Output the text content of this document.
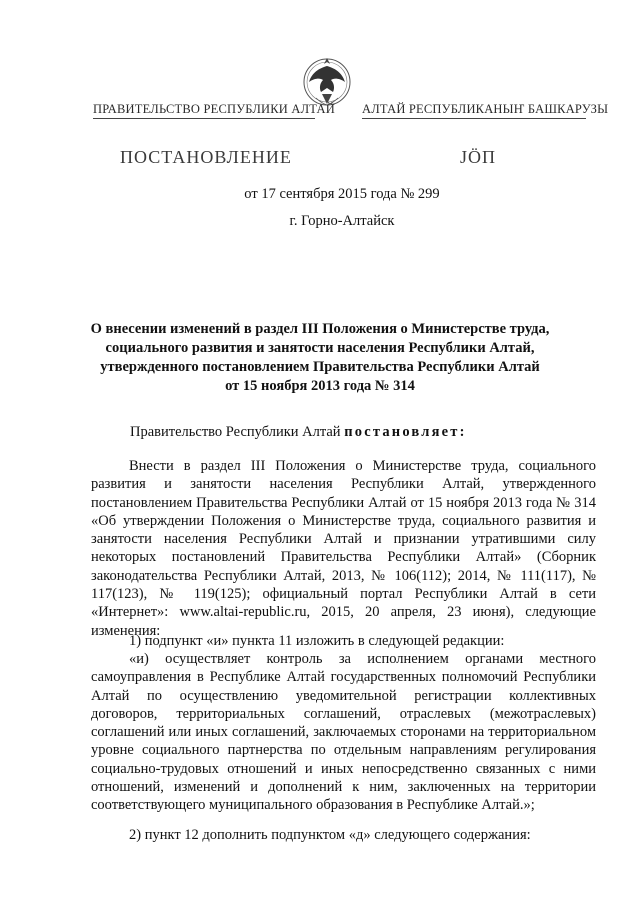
ПРАВИТЕЛЬСТВО РЕСПУБЛИКИ АЛТАЙ АЛТАЙ РЕСПУБЛИКАНЫҤ БАШКАРУЗЫ
ПОСТАНОВЛЕНИЕ	ЈӦП
от 17 сентября 2015 года № 299
г. Горно-Алтайск
О внесении изменений в раздел III Положения о Министерстве труда,
социального развития и занятости населения Республики Алтай,
утвержденного постановлением Правительства Республики Алтай
от 15 ноября 2013 года № 314
Правительство Республики Алтай постановляет:

Внести в раздел III Положения о Министерстве труда, социального развития и занятости населения Республики Алтай, утвержденного постановлением Правительства Республики Алтай от 15 ноября 2013 года № 314 «Об утверждении Положения о Министерстве труда, социального развития и занятости населения Республики Алтай и признании утратившими силу некоторых постановлений Правительства Республики Алтай» (Сборник законодательства Республики Алтай, 2013, № 106(112); 2014, № 111(117), № 117(123), № 119(125); официальный портал Республики Алтай в сети «Интернет»: www.altai-republic.ru, 2015, 20 апреля, 23 июня), следующие изменения:

1) подпункт «и» пункта 11 изложить в следующей редакции:

«и) осуществляет контроль за исполнением органами местного самоуправления в Республике Алтай государственных полномочий Республики Алтай по осуществлению уведомительной регистрации коллективных договоров, территориальных соглашений, отраслевых (межотраслевых) соглашений или иных соглашений, заключаемых сторонами на территориальном уровне социального партнерства по отдельным направлениям регулирования социально-трудовых отношений и иных непосредственно связанных с ними отношений, изменений и дополнений к ним, заключенных на территории соответствующего муниципального образования в Республике Алтай.»;

2) пункт 12 дополнить подпунктом «д» следующего содержания:
